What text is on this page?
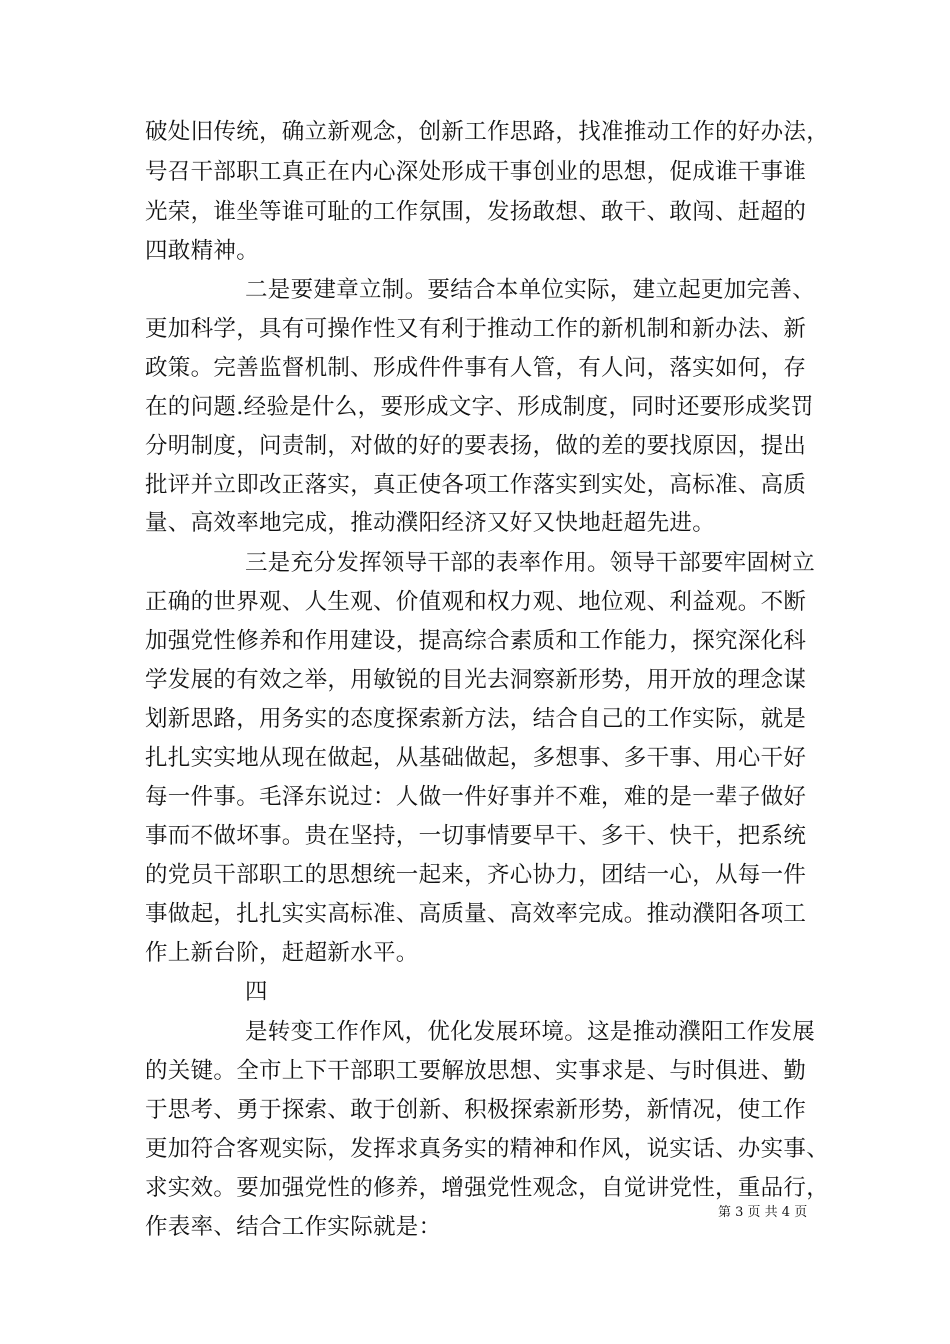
破处旧传统，确立新观念，创新工作思路，找准推动工作的好办法，
号召干部职工真正在内心深处形成干事创业的思想，促成谁干事谁
光荣，谁坐等谁可耻的工作氛围，发扬敢想、敢干、敢闯、赶超的
四敢精神。
二是要建章立制。要结合本单位实际，建立起更加完善、
更加科学，具有可操作性又有利于推动工作的新机制和新办法、新
政策。完善监督机制、形成件件事有人管，有人问，落实如何，存
在的问题.经验是什么，要形成文字、形成制度，同时还要形成奖罚
分明制度，问责制，对做的好的要表扬，做的差的要找原因，提出
批评并立即改正落实，真正使各项工作落实到实处，高标准、高质
量、高效率地完成，推动濮阳经济又好又快地赶超先进。
三是充分发挥领导干部的表率作用。领导干部要牢固树立
正确的世界观、人生观、价值观和权力观、地位观、利益观。不断
加强党性修养和作用建设，提高综合素质和工作能力，探究深化科
学发展的有效之举，用敏锐的目光去洞察新形势，用开放的理念谋
划新思路，用务实的态度探索新方法，结合自己的工作实际，就是
扎扎实实地从现在做起，从基础做起，多想事、多干事、用心干好
每一件事。毛泽东说过：人做一件好事并不难，难的是一辈子做好
事而不做坏事。贵在坚持，一切事情要早干、多干、快干，把系统
的党员干部职工的思想统一起来，齐心协力，团结一心，从每一件
事做起，扎扎实实高标准、高质量、高效率完成。推动濮阳各项工
作上新台阶，赶超新水平。
四
是转变工作作风，优化发展环境。这是推动濮阳工作发展
的关键。全市上下干部职工要解放思想、实事求是、与时俱进、勤
于思考、勇于探索、敢于创新、积极探索新形势，新情况，使工作
更加符合客观实际，发挥求真务实的精神和作风，说实话、办实事、
求实效。要加强党性的修养，增强党性观念，自觉讲党性，重品行，
作表率、结合工作实际就是：
第 3 页 共 4 页
